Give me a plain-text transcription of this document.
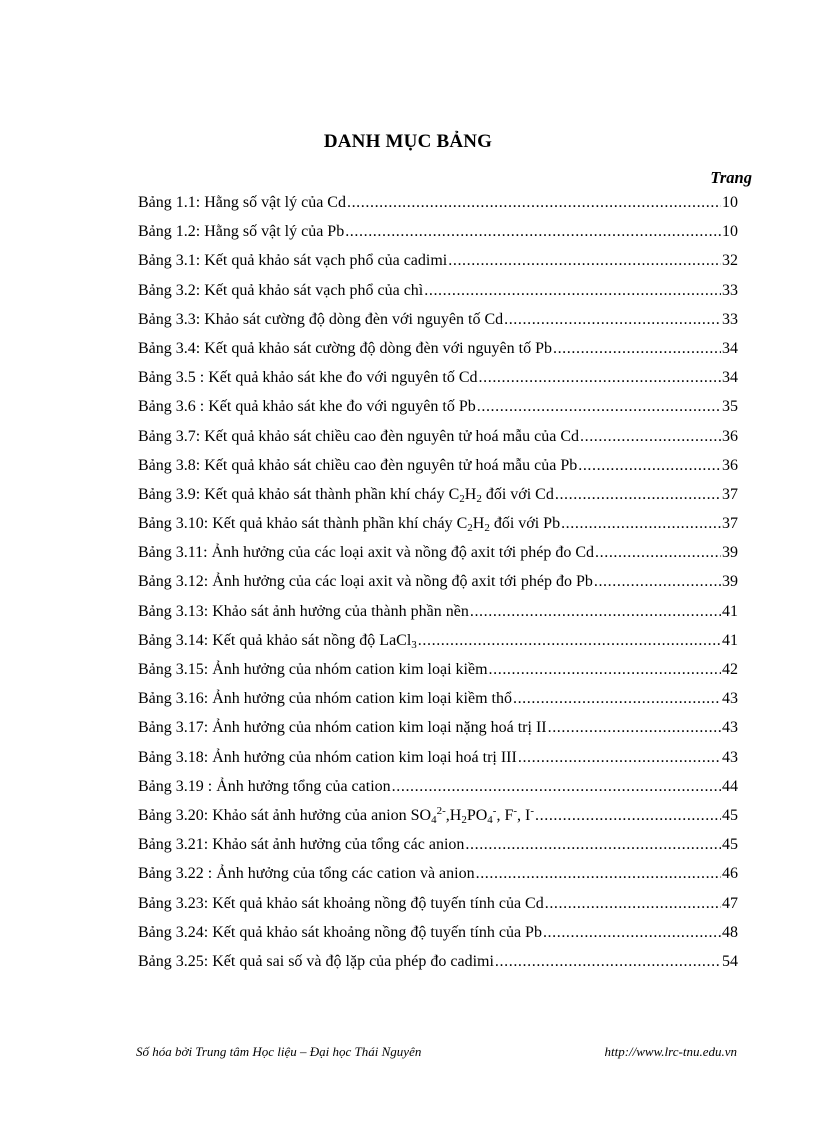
DANH MỤC BẢNG
Trang
Bảng 1.1: Hằng số vật lý của Cd .....	10
Bảng 1.2: Hằng số vật lý của Pb .....	10
Bảng 3.1: Kết quả khảo sát vạch phổ của cadimi .....	32
Bảng 3.2: Kết quả khảo sát vạch phổ của chì .....	33
Bảng 3.3: Khảo sát cường độ dòng đèn với nguyên tố Cd .....	33
Bảng 3.4: Kết quả khảo sát cường độ dòng đèn với nguyên tố Pb .....	34
Bảng 3.5 : Kết quả khảo sát khe đo với nguyên tố Cd .....	34
Bảng 3.6 : Kết quả khảo sát khe đo với nguyên tố Pb .....	35
Bảng 3.7: Kết quả khảo sát chiều cao đèn nguyên tử hoá mẫu của Cd .....	36
Bảng 3.8: Kết quả khảo sát chiều cao đèn nguyên tử hoá mẫu của Pb .....	36
Bảng 3.9: Kết quả khảo sát thành phần khí cháy $C_2H_2$ đối với Cd .....	37
Bảng 3.10: Kết quả khảo sát thành phần khí cháy $C_2H_2$ đối với Pb .....	37
Bảng 3.11: Ảnh hưởng của các loại axit và nồng độ axit tới phép đo Cd .....	39
Bảng 3.12: Ảnh hưởng của các loại axit và nồng độ axit tới phép đo Pb .....	39
Bảng 3.13: Khảo sát ảnh hưởng của thành phần nền .....	41
Bảng 3.14: Kết quả khảo sát nồng độ LaCl$_3$ .....	41
Bảng 3.15: Ảnh hưởng của nhóm cation kim loại kiềm .....	42
Bảng 3.16: Ảnh hưởng của nhóm cation kim loại kiềm thổ .....	43
Bảng 3.17: Ảnh hưởng của nhóm cation kim loại nặng hoá trị II .....	43
Bảng 3.18: Ảnh hưởng của nhóm cation kim loại hoá trị III .....	43
Bảng 3.19 : Ảnh hưởng tổng của cation .....	44
Bảng 3.20: Khảo sát ảnh hưởng của anion $SO_4^{2-},H_2PO_4^-$, F-, I- .....	45
Bảng 3.21: Khảo sát ảnh hưởng của tổng các anion .....	45
Bảng 3.22 : Ảnh hưởng của tổng các cation và anion .....	46
Bảng 3.23: Kết quả khảo sát khoảng nồng độ tuyến tính của Cd .....	47
Bảng 3.24: Kết quả khảo sát khoảng nồng độ tuyến tính của Pb .....	48
Bảng 3.25: Kết quả sai số và độ lặp của phép đo cadimi .....	54
Số hóa bởi Trung tâm Học liệu – Đại học Thái Nguyên	http://www.lrc-tnu.edu.vn
